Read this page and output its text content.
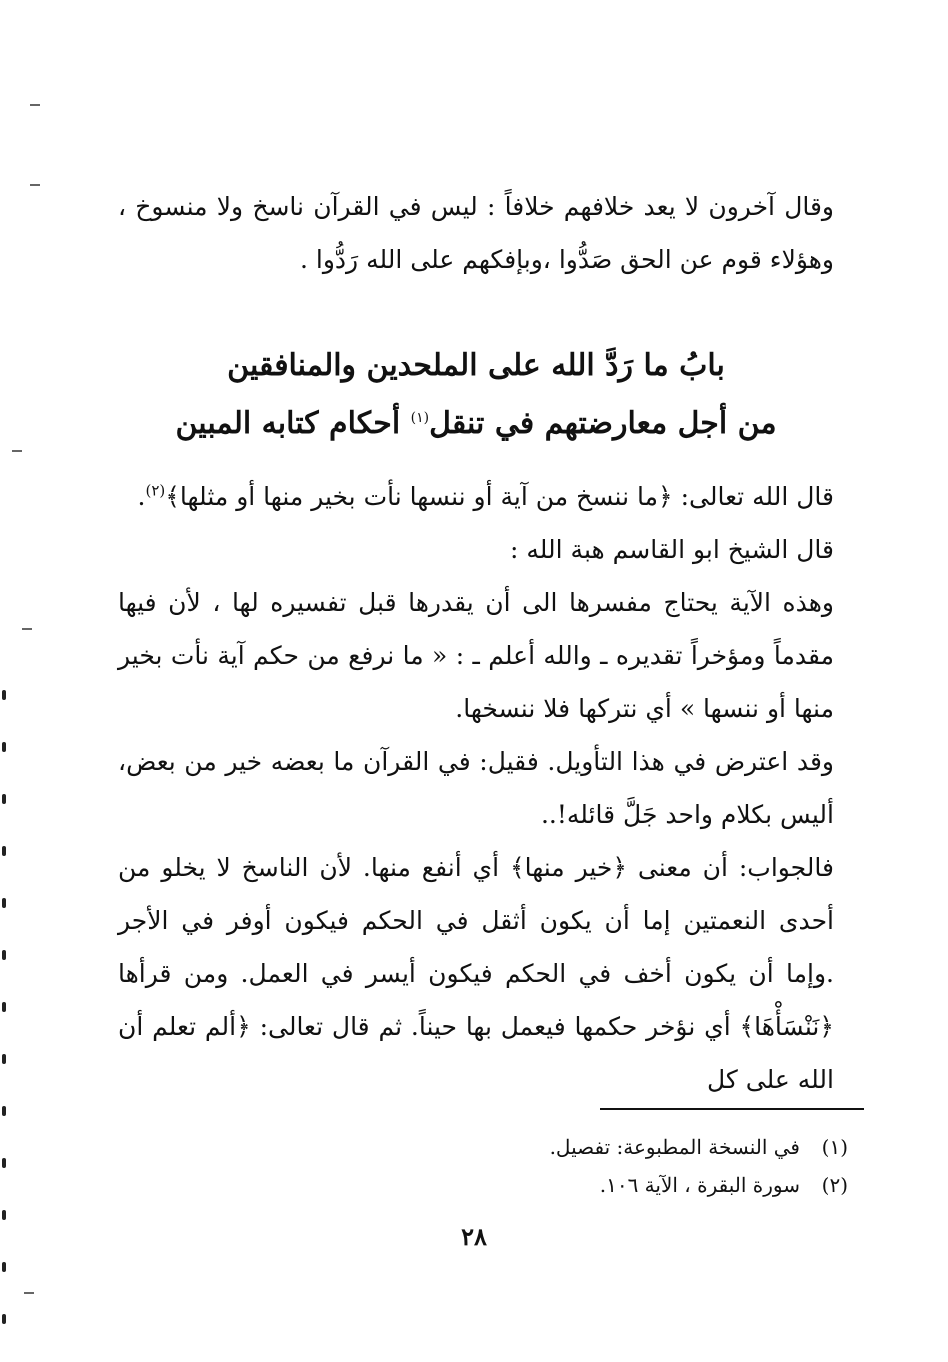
وقال آخرون لا يعد خلافهم خلافاً : ليس في القرآن ناسخ ولا منسوخ ، وهؤلاء قوم عن الحق صَدُّوا ،وبإفكهم على الله رَدُّوا .

بابُ ما رَدَّ الله على الملحدين والمنافقين
من أجل معارضتهم في تنقل$^{(١)}$ أحكام كتابه المبين

قال الله تعالى: ﴿ما ننسخ من آية أو ننسها نأت بخير منها أو مثلها﴾$^{(٢)}$.

قال الشيخ ابو القاسم هبة الله :

وهذه الآية يحتاج مفسرها الى أن يقدرها قبل تفسيره لها ، لأن فيها مقدماً ومؤخراً تقديره ـ والله أعلم ـ : « ما نرفع من حكم آية نأت بخير منها أو ننسها » أي نتركها فلا ننسخها.

وقد اعترض في هذا التأويل. فقيل: في القرآن ما بعضه خير من بعض، أليس بكلام واحد جَلَّ قائله!..

فالجواب: أن معنى ﴿خير منها﴾ أي أنفع منها. لأن الناسخ لا يخلو من أحدى النعمتين إما أن يكون أثقل في الحكم فيكون أوفر في الأجر .وإما أن يكون أخف في الحكم فيكون أيسر في العمل. ومن قرأها ﴿نَنْسَأْهَا﴾ أي نؤخر حكمها فيعمل بها حيناً. ثم قال تعالى: ﴿ألم تعلم أن الله على كل

(١)في النسخة المطبوعة: تفصيل.
(٢)سورة البقرة ، الآية ١٠٦.
٢٨
